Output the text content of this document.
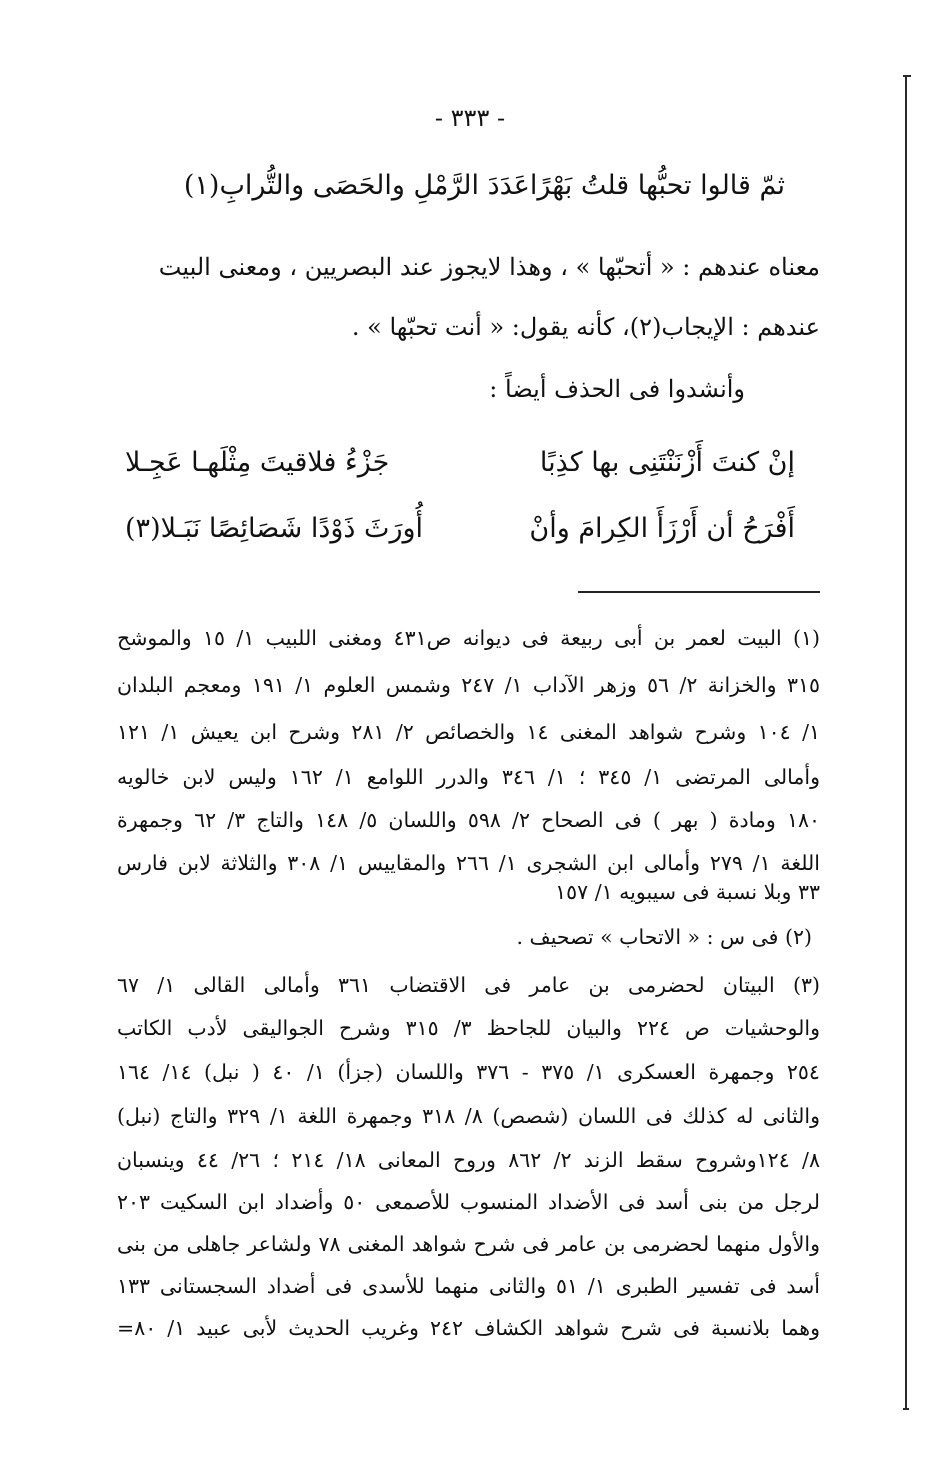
- ٣٣٣ -
ثمّ قالوا تحبُّها قلتُ بَهْرًا
عَدَدَ الرَّمْلِ والحَصَى والتُّرابِ(١)
معناه عندهم : « أتحبّها » ، وهذا لايجوز عند البصريين ، ومعنى البيت
عندهم : الإيجاب(٢)، كأنه يقول: « أنت تحبّها » .
وأنشدوا فى الحذف أيضاً :
إنْ كنتَ أَزْنَنْتَنِى بها كذِبًا
جَزْءُ فلاقيتَ مِثْلَهـا عَجِـلا
أَفْرَحُ أن أَرْزَأَ الكِرامَ وأنْ
أُورَثَ ذَوْدًا شَصَائِصًا نَبَـلا(٣)
(١) البيت لعمر بن أبى ربيعة فى ديوانه ص٤٣١ ومغنى اللبيب ١/ ١٥ والموشح
٣١٥ والخزانة ٢/ ٥٦ وزهر الآداب ١/ ٢٤٧ وشمس العلوم ١/ ١٩١ ومعجم البلدان
١/ ١٠٤ وشرح شواهد المغنى ١٤ والخصائص ٢/ ٢٨١ وشرح ابن يعيش ١/ ١٢١
وأمالى المرتضى ١/ ٣٤٥ ؛ ١/ ٣٤٦ والدرر اللوامع ١/ ١٦٢ وليس لابن خالويه
١٨٠ ومادة ( بهر ) فى الصحاح ٢/ ٥٩٨ واللسان ٥/ ١٤٨ والتاج ٣/ ٦٢ وجمهرة
اللغة ١/ ٢٧٩ وأمالى ابن الشجرى ١/ ٢٦٦ والمقاييس ١/ ٣٠٨ والثلاثة لابن فارس
٣٣ وبلا نسبة فى سيبويه ١/ ١٥٧
(٢) فى س : « الاتحاب » تصحيف .
(٣) البيتان لحضرمى بن عامر فى الاقتضاب ٣٦١ وأمالى القالى ١/ ٦٧
والوحشيات ص ٢٢٤ والبيان للجاحظ ٣/ ٣١٥ وشرح الجواليقى لأدب الكاتب
٢٥٤ وجمهرة العسكرى ١/ ٣٧٥ - ٣٧٦ واللسان (جزأ) ١/ ٤٠ ( نبل) ١٤/ ١٦٤
والثانى له كذلك فى اللسان (شصص) ٨/ ٣١٨ وجمهرة اللغة ١/ ٣٢٩ والتاج (نبل)
٨/ ١٢٤وشروح سقط الزند ٢/ ٨٦٢ وروح المعانى ١٨/ ٢١٤ ؛ ٢٦/ ٤٤ وينسبان
لرجل من بنى أسد فى الأضداد المنسوب للأصمعى ٥٠ وأضداد ابن السكيت ٢٠٣
والأول منهما لحضرمى بن عامر فى شرح شواهد المغنى ٧٨ ولشاعر جاهلى من بنى
أسد فى تفسير الطبرى ١/ ٥١ والثانى منهما للأسدى فى أضداد السجستانى ١٣٣
وهما بلانسبة فى شرح شواهد الكشاف ٢٤٢ وغريب الحديث لأبى عبيد ١/ ٨٠=
